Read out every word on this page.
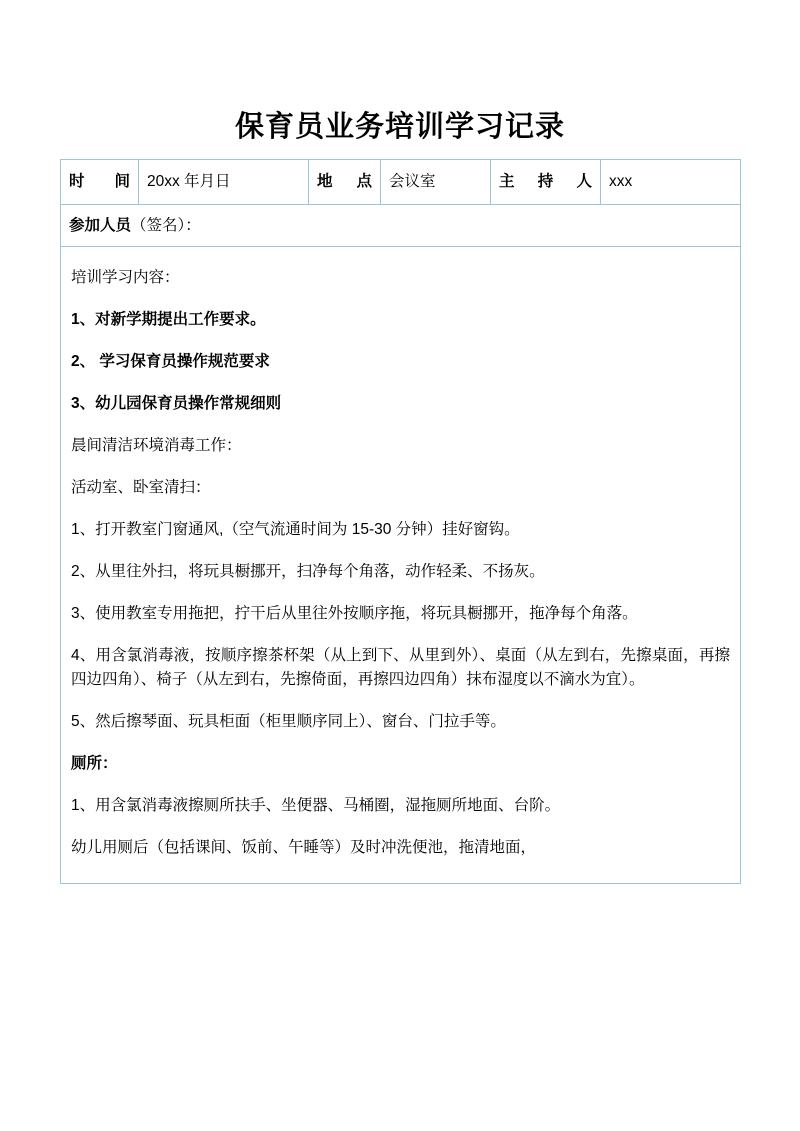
保育员业务培训学习记录
时 间	20xx 年月日	地点	会议室	主 持 人	xxx
参加人员（签名）：

培训学习内容：

1、对新学期提出工作要求。

2、 学习保育员操作规范要求

3、幼儿园保育员操作常规细则

晨间清洁环境消毒工作：

活动室、卧室清扫：

1、打开教室门窗通风,（空气流通时间为 15-30 分钟）挂好窗钩。

2、从里往外扫，将玩具橱挪开，扫净每个角落，动作轻柔、不扬灰。

3、使用教室专用拖把，拧干后从里往外按顺序拖，将玩具橱挪开，拖净每个角落。

4、用含氯消毒液，按顺序擦茶杯架（从上到下、从里到外）、桌面（从左到右，先擦桌面，再擦四边四角）、椅子（从左到右，先擦倚面，再擦四边四角）抹布湿度以不滴水为宜）。

5、然后擦琴面、玩具柜面（柜里顺序同上）、窗台、门拉手等。

厕所：

1、用含氯消毒液擦厕所扶手、坐便器、马桶圈，湿拖厕所地面、台阶。

幼儿用厕后（包括课间、饭前、午睡等）及时冲洗便池，拖清地面，
